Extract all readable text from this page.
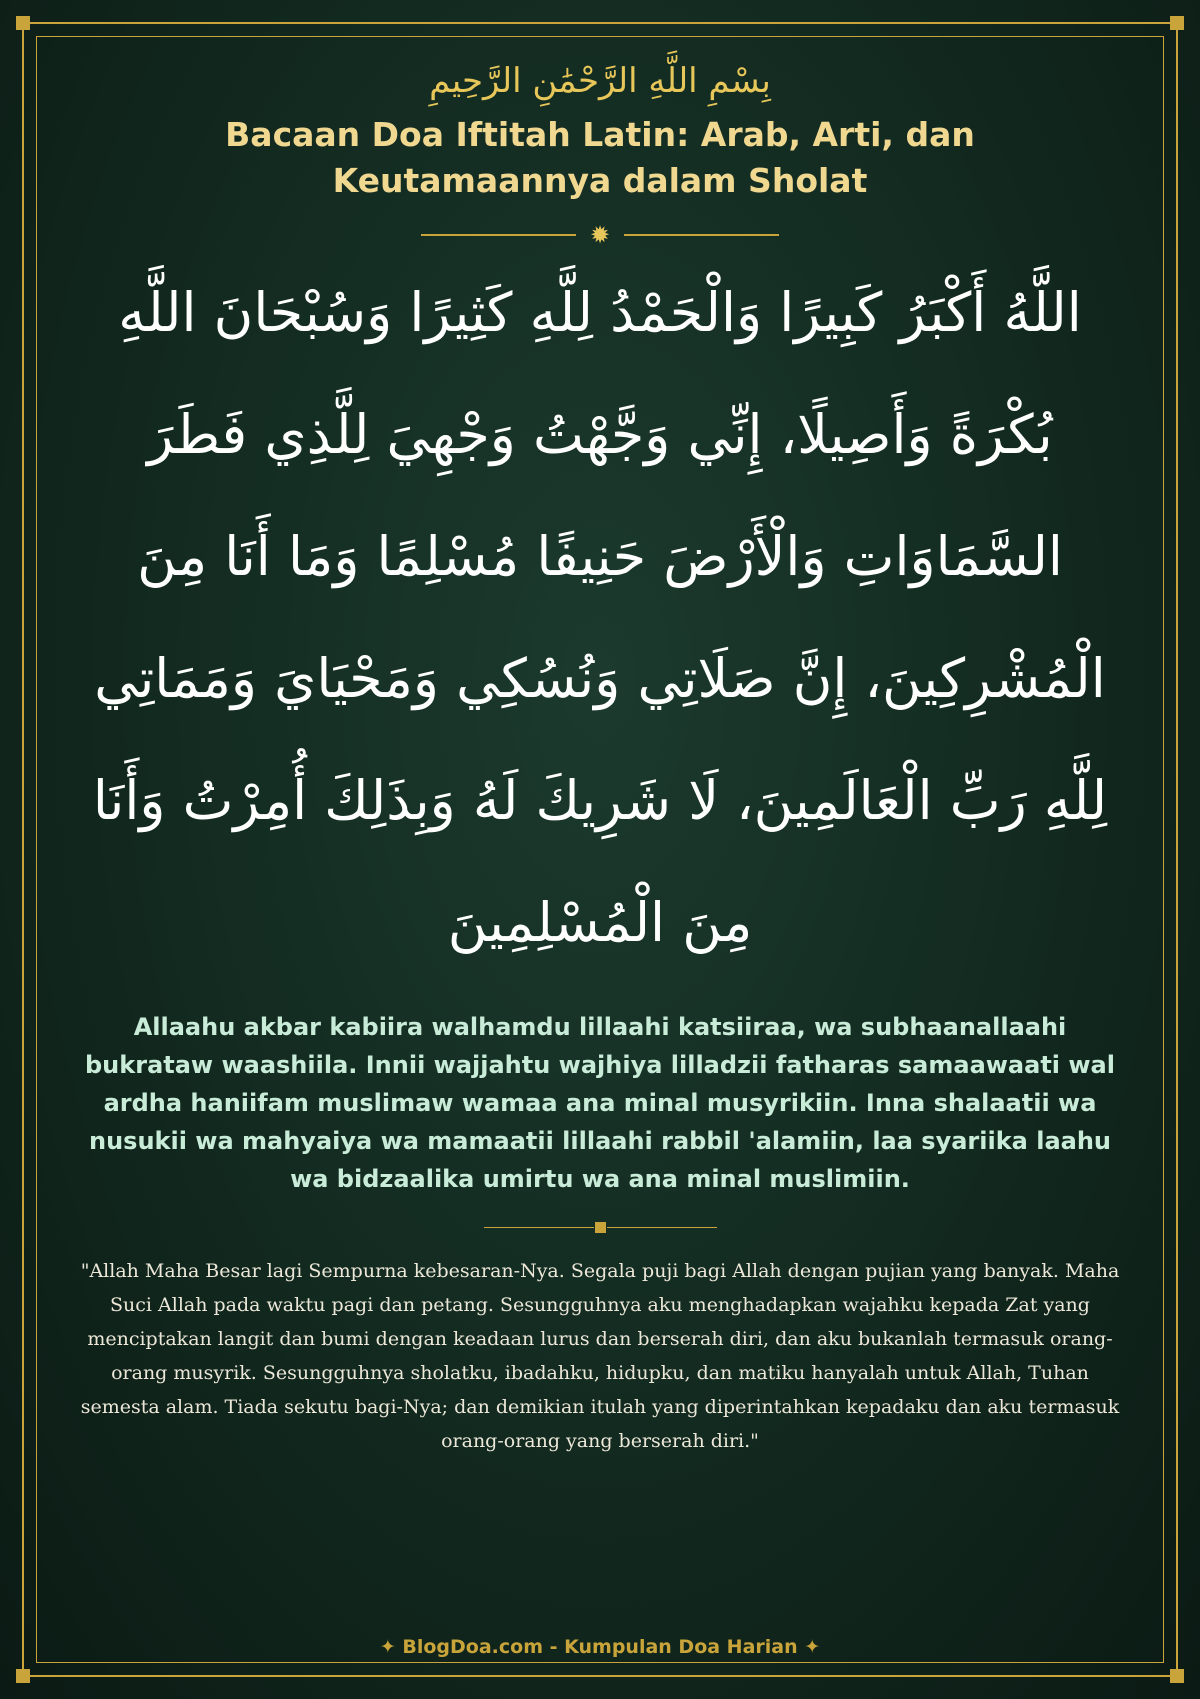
بِسْمِ اللَّهِ الرَّحْمَٰنِ الرَّحِيمِ

Bacaan Doa Iftitah Latin: Arab, Arti, dan Keutamaannya dalam Sholat
✹

اللَّهُ أَكْبَرُ كَبِيرًا وَالْحَمْدُ لِلَّهِ كَثِيرًا وَسُبْحَانَ اللَّهِ بُكْرَةً وَأَصِيلًا، إِنِّي وَجَّهْتُ وَجْهِيَ لِلَّذِي فَطَرَ السَّمَاوَاتِ وَالْأَرْضَ حَنِيفًا مُسْلِمًا وَمَا أَنَا مِنَ الْمُشْرِكِينَ، إِنَّ صَلَاتِي وَنُسُكِي وَمَحْيَايَ وَمَمَاتِي لِلَّهِ رَبِّ الْعَالَمِينَ، لَا شَرِيكَ لَهُ وَبِذَلِكَ أُمِرْتُ وَأَنَا مِنَ الْمُسْلِمِينَ

Allaahu akbar kabiira walhamdu lillaahi katsiiraa, wa subhaanallaahi bukrataw waashiila. Innii wajjahtu wajhiya lilladzii fatharas samaawaati wal ardha haniifam muslimaw wamaa ana minal musyrikiin. Inna shalaatii wa nusukii wa mahyaiya wa mamaatii lillaahi rabbil 'alamiin, laa syariika laahu wa bidzaalika umirtu wa ana minal muslimiin.

"Allah Maha Besar lagi Sempurna kebesaran-Nya. Segala puji bagi Allah dengan pujian yang banyak. Maha Suci Allah pada waktu pagi dan petang. Sesungguhnya aku menghadapkan wajahku kepada Zat yang menciptakan langit dan bumi dengan keadaan lurus dan berserah diri, dan aku bukanlah termasuk orang-orang musyrik. Sesungguhnya sholatku, ibadahku, hidupku, dan matiku hanyalah untuk Allah, Tuhan semesta alam. Tiada sekutu bagi-Nya; dan demikian itulah yang diperintahkan kepadaku dan aku termasuk orang-orang yang berserah diri."

✦ BlogDoa.com - Kumpulan Doa Harian ✦
